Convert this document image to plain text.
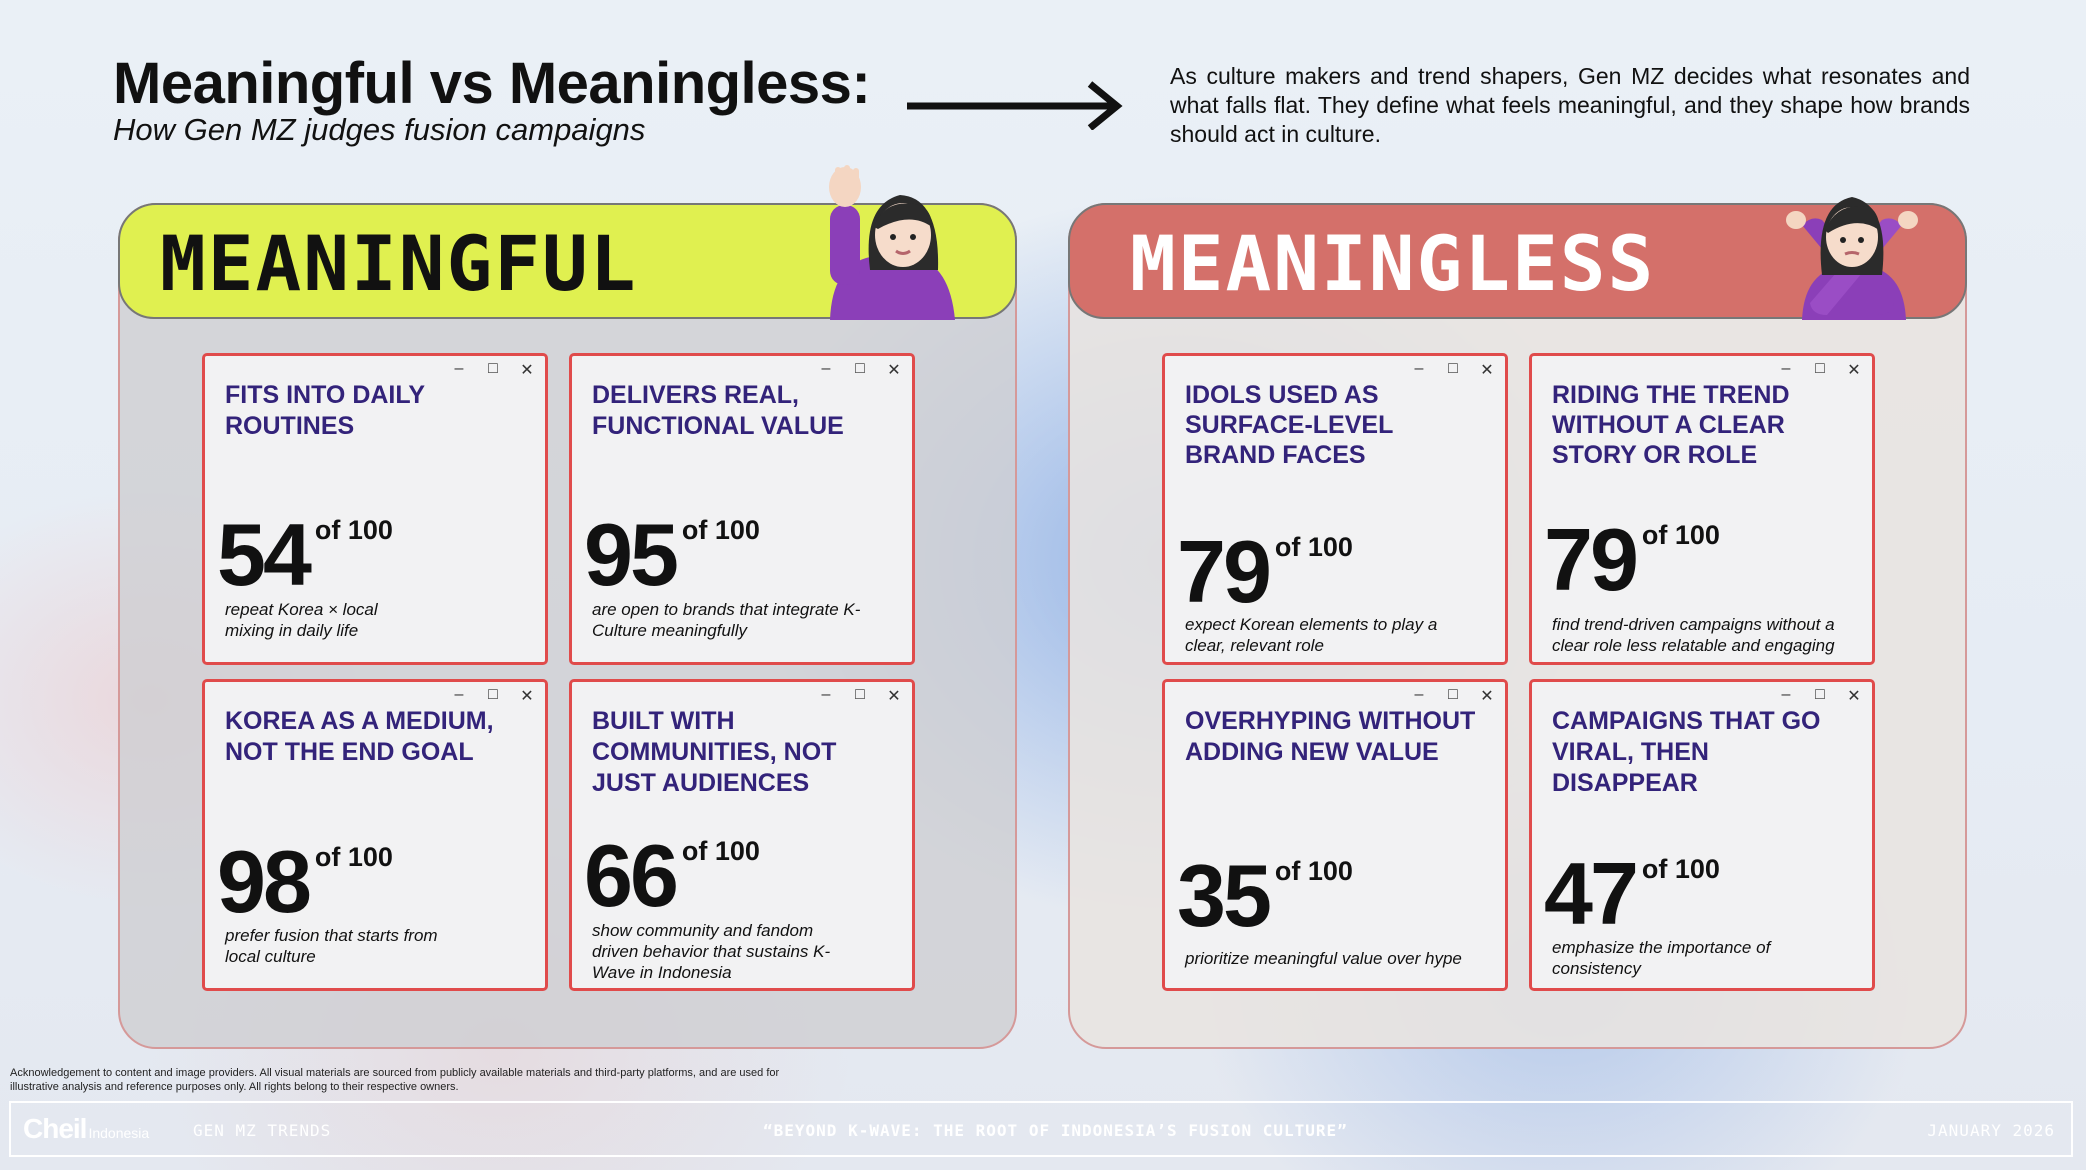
Meaningful vs Meaningless:

How Gen MZ judges fusion campaigns

As culture makers and trend shapers, Gen MZ decides what resonates and what falls flat. They define what feels meaningful, and they shape how brands should act in culture.

MEANINGFUL

– □ ✕

FITS INTO DAILY ROUTINES

54 of 100

repeat Korea × local mixing in daily life

– □ ✕

DELIVERS REAL, FUNCTIONAL VALUE

95 of 100

are open to brands that integrate K-Culture meaningfully

– □ ✕

KOREA AS A MEDIUM, NOT THE END GOAL

98 of 100

prefer fusion that starts from local culture

– □ ✕

BUILT WITH COMMUNITIES, NOT JUST AUDIENCES

66 of 100

show community and fandom driven behavior that sustains K-Wave in Indonesia

MEANINGLESS

– □ ✕

IDOLS USED AS SURFACE-LEVEL BRAND FACES

79 of 100

expect Korean elements to play a clear, relevant role

– □ ✕

RIDING THE TREND WITHOUT A CLEAR STORY OR ROLE

79 of 100

find trend-driven campaigns without a clear role less relatable and engaging

– □ ✕

OVERHYPING WITHOUT ADDING NEW VALUE

35 of 100

prioritize meaningful value over hype

– □ ✕

CAMPAIGNS THAT GO VIRAL, THEN DISAPPEAR

47 of 100

emphasize the importance of consistency

Acknowledgement to content and image providers. All visual materials are sourced from publicly available materials and third-party platforms, and are used for illustrative analysis and reference purposes only. All rights belong to their respective owners.

Cheil Indonesia	GEN MZ TRENDS	“BEYOND K-WAVE: THE ROOT OF INDONESIA’S FUSION CULTURE”	JANUARY 2026
